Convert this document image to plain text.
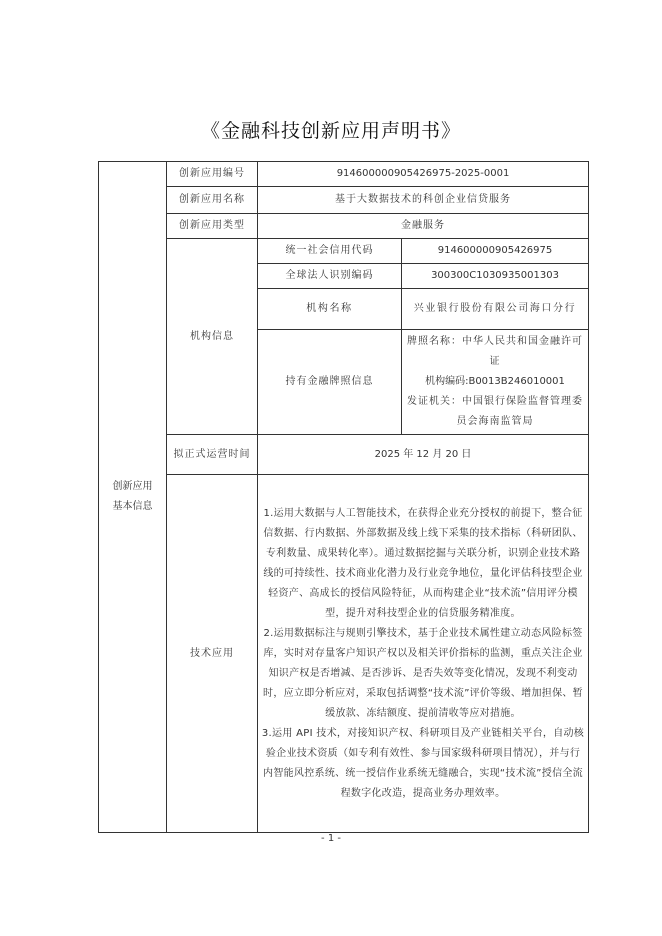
《金融科技创新应用声明书》
创新应用基本信息	创新应用编号	914600000905426975-2025-0001	
	创新应用名称	基于大数据技术的科创企业信贷服务	
	创新应用类型	金融服务	
	机构信息	统一社会信用代码	914600000905426975
		全球法人识别编码	300300C1030935001303
		机构名称	兴业银行股份有限公司海口分行
		持有金融牌照信息	牌照名称：中华人民共和国金融许可证
机构编码:B0013B246010001
发证机关：中国银行保险监督管理委员会海南监管局

	拟正式运营时间	2025 年 12 月 20 日	
	技术应用	1.运用大数据与人工智能技术，在获得企业充分授权的前提下，整合征信数据、行内数据、外部数据及线上线下采集的技术指标（科研团队、专利数量、成果转化率）。通过数据挖掘与关联分析，识别企业技术路线的可持续性、技术商业化潜力及行业竞争地位，量化评估科技型企业轻资产、高成长的授信风险特征，从而构建企业“技术流”信用评分模型，提升对科技型企业的信贷服务精准度。
2.运用数据标注与规则引擎技术，基于企业技术属性建立动态风险标签库，实时对存量客户知识产权以及相关评价指标的监测，重点关注企业知识产权是否增减、是否涉诉、是否失效等变化情况，发现不利变动时，应立即分析应对，采取包括调整“技术流”评价等级、增加担保、暂缓放款、冻结额度、提前清收等应对措施。
3.运用 API 技术，对接知识产权、科研项目及产业链相关平台，自动核验企业技术资质（如专利有效性、参与国家级科研项目情况），并与行内智能风控系统、统一授信作业系统无缝融合，实现“技术流”授信全流程数字化改造，提高业务办理效率。	
- 1 -
